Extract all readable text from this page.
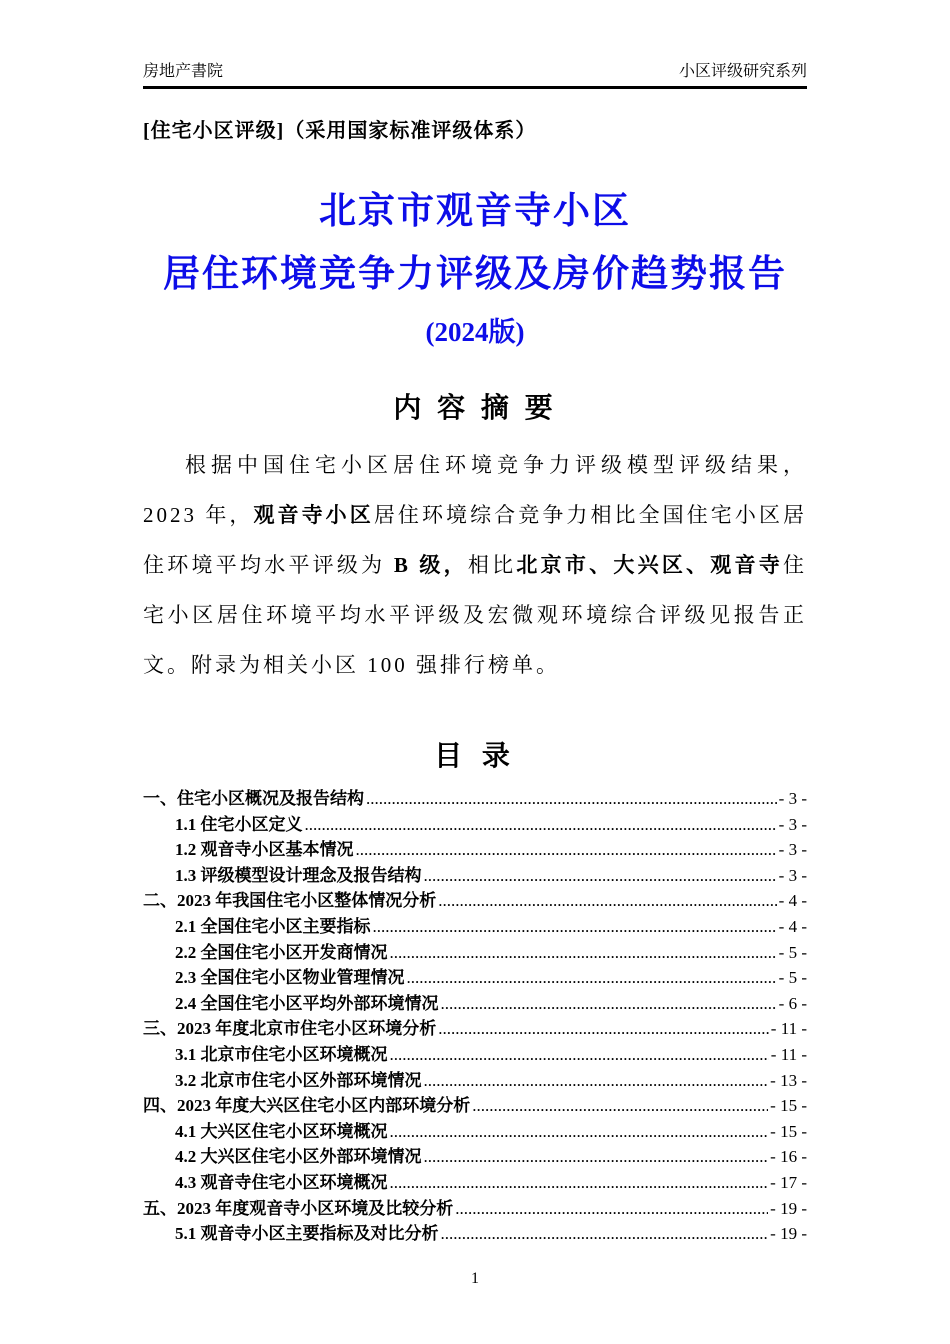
房地产書院	小区评级研究系列
[住宅小区评级]（采用国家标准评级体系）
北京市观音寺小区
居住环境竞争力评级及房价趋势报告
(2024版)
内 容 摘 要

根据中国住宅小区居住环境竞争力评级模型评级结果，2023 年，观音寺小区居住环境综合竞争力相比全国住宅小区居住环境平均水平评级为 B 级，相比北京市、大兴区、观音寺住宅小区居住环境平均水平评级及宏微观环境综合评级见报告正文。附录为相关小区 100 强排行榜单。

目 录
一、住宅小区概况及报告结构 .....	- 3 -
1.1 住宅小区定义 .....	- 3 -
1.2 观音寺小区基本情况 .....	- 3 -
1.3 评级模型设计理念及报告结构 .....	- 3 -
二、2023 年我国住宅小区整体情况分析 .....	- 4 -
2.1 全国住宅小区主要指标 .....	- 4 -
2.2 全国住宅小区开发商情况 .....	- 5 -
2.3 全国住宅小区物业管理情况 .....	- 5 -
2.4 全国住宅小区平均外部环境情况 .....	- 6 -
三、2023 年度北京市住宅小区环境分析 .....	- 11 -
3.1 北京市住宅小区环境概况 .....	- 11 -
3.2 北京市住宅小区外部环境情况 .....	- 13 -
四、2023 年度大兴区住宅小区内部环境分析 .....	- 15 -
4.1 大兴区住宅小区环境概况 .....	- 15 -
4.2 大兴区住宅小区外部环境情况 .....	- 16 -
4.3 观音寺住宅小区环境概况 .....	- 17 -
五、2023 年度观音寺小区环境及比较分析 .....	- 19 -
5.1 观音寺小区主要指标及对比分析 .....	- 19 -
1
